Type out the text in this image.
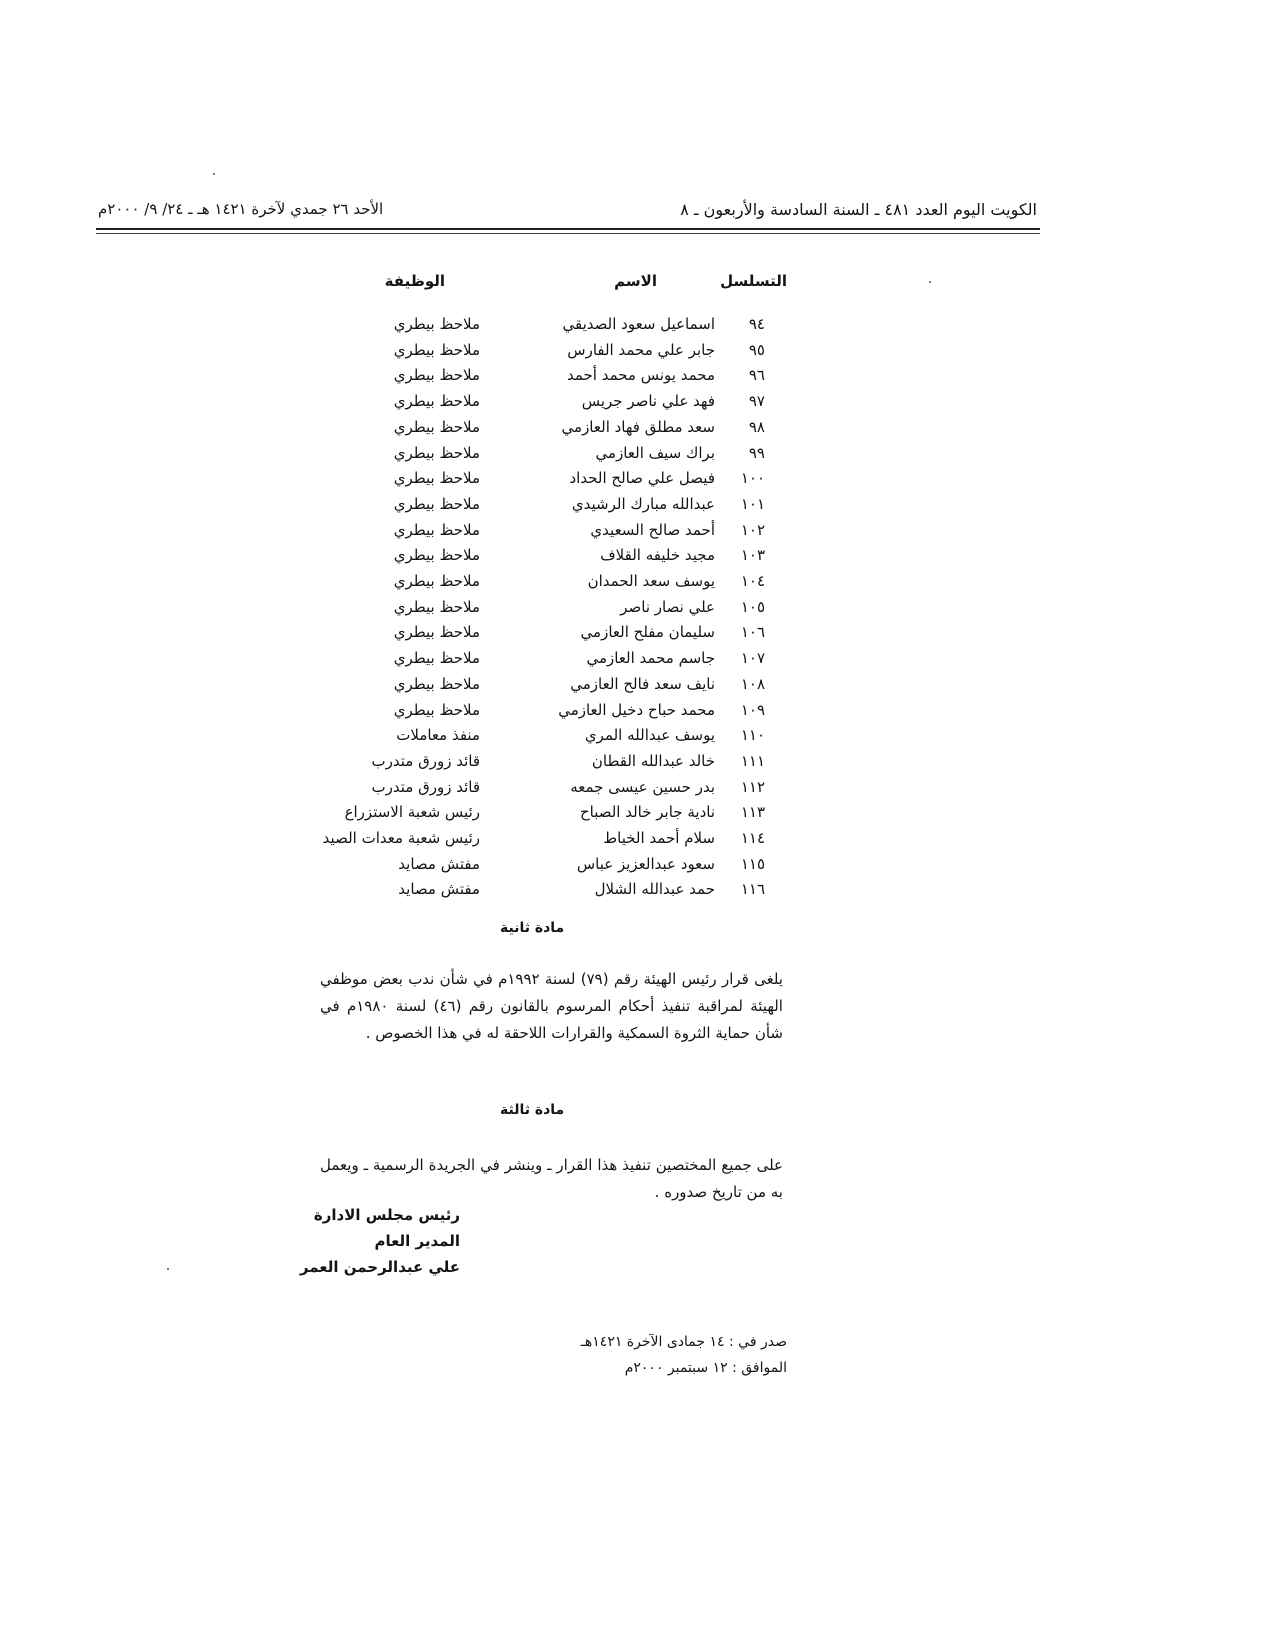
الكويت اليوم العدد ٤٨١ ـ السنة السادسة والأربعون ـ ٨
الأحد ٢٦ جمدي لآخرة ١٤٢١ هـ ـ ٢٤/ ٩/ ٢٠٠٠م
التسلسل
الاسم
الوظيفة
٩٤
اسماعيل سعود الصديقي
ملاحظ بيطري
٩٥
جابر علي محمد الفارس
ملاحظ بيطري
٩٦
محمد يونس محمد أحمد
ملاحظ بيطري
٩٧
فهد علي ناصر جريس
ملاحظ بيطري
٩٨
سعد مطلق فهاد العازمي
ملاحظ بيطري
٩٩
براك سيف العازمي
ملاحظ بيطري
١٠٠
فيصل علي صالح الحداد
ملاحظ بيطري
١٠١
عبدالله مبارك الرشيدي
ملاحظ بيطري
١٠٢
أحمد صالح السعيدي
ملاحظ بيطري
١٠٣
مجيد خليفه القلاف
ملاحظ بيطري
١٠٤
يوسف سعد الحمدان
ملاحظ بيطري
١٠٥
علي نصار ناصر
ملاحظ بيطري
١٠٦
سليمان مفلح العازمي
ملاحظ بيطري
١٠٧
جاسم محمد العازمي
ملاحظ بيطري
١٠٨
نايف سعد فالح العازمي
ملاحظ بيطري
١٠٩
محمد حباح دخيل العازمي
ملاحظ بيطري
١١٠
يوسف عبدالله المري
منفذ معاملات
١١١
خالد عبدالله القطان
قائد زورق متدرب
١١٢
بدر حسين عيسى جمعه
قائد زورق متدرب
١١٣
نادية جابر خالد الصباح
رئيس شعبة الاستزراع
١١٤
سلام أحمد الخياط
رئيس شعبة معدات الصيد
١١٥
سعود عبدالعزيز عباس
مفتش مصايد
١١٦
حمد عبدالله الشلال
مفتش مصايد
مادة ثانية
يلغى قرار رئيس الهيئة رقم (٧٩) لسنة ١٩٩٢م في شأن ندب بعض موظفي الهيئة لمراقبة تنفيذ أحكام المرسوم بالقانون رقم (٤٦) لسنة ١٩٨٠م في شأن حماية الثروة السمكية والقرارات اللاحقة له في هذا الخصوص .
مادة ثالثة
على جميع المختصين تنفيذ هذا القرار ـ وينشر في الجريدة الرسمية ـ ويعمل به من تاريخ صدوره .
رئيس مجلس الادارة
المدير العام
علي عبدالرحمن العمر
صدر في : ١٤ جمادى الآخرة ١٤٢١هـ
الموافق : ١٢ سبتمبر ٢٠٠٠م
